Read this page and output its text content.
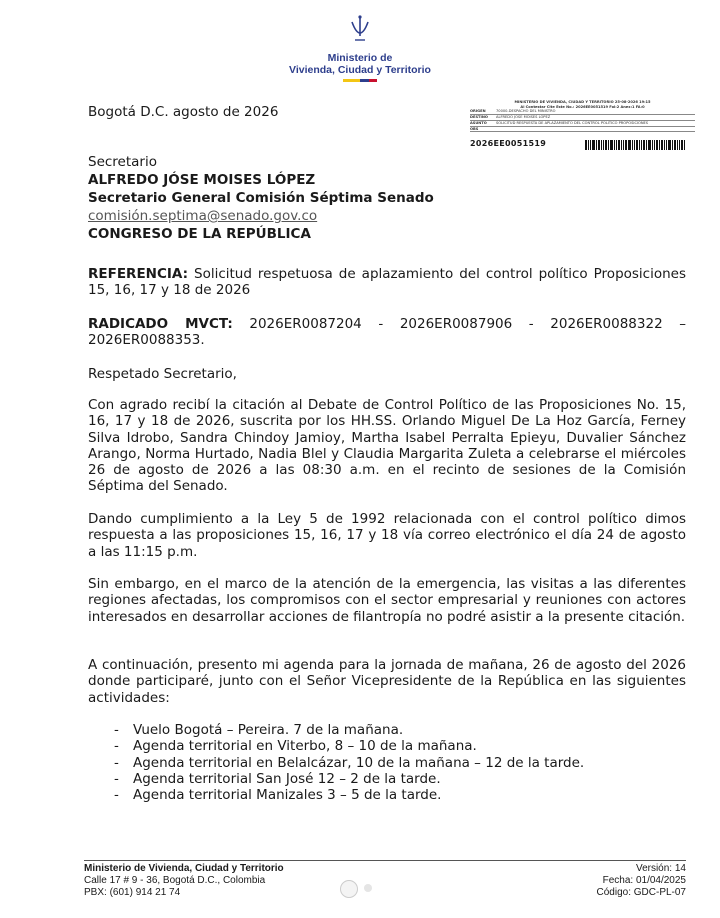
Ministerio de
Vivienda, Ciudad y Territorio
Bogotá D.C. agosto de 2026
MINISTERIO DE VIVIENDA, CIUDAD Y TERRITORIO 25-08-2026 19:15
Al Contestar Cite Este No.: 2026EE0051519 Fol:2 Anex:1 FA:0
ORIGEN	70000-DESPACHO DEL MINISTRO
DESTINO	ALFREDO JOSE MOISES LOPEZ
ASUNTO	SOLICITUD RESPUESTA DE APLAZAMIENTO DEL CONTROL POLITICO PROPOSICIONES
OBS
2026EE0051519
Secretario
ALFREDO JÓSE MOISES LÓPEZ
Secretario General Comisión Séptima Senado
comisión.septima@senado.gov.co
CONGRESO DE LA REPÚBLICA
REFERENCIA: Solicitud respetuosa de aplazamiento del control político Proposiciones 15, 16, 17 y 18 de 2026
RADICADO MVCT: 2026ER0087204 - 2026ER0087906 - 2026ER0088322 – 2026ER0088353.
Respetado Secretario,
Con agrado recibí la citación al Debate de Control Político de las Proposiciones No. 15, 16, 17 y 18 de 2026, suscrita por los HH.SS. Orlando Miguel De La Hoz García, Ferney Silva Idrobo, Sandra Chindoy Jamioy, Martha Isabel Perralta Epieyu, Duvalier Sánchez Arango, Norma Hurtado, Nadia Blel y Claudia Margarita Zuleta a celebrarse el miércoles 26 de agosto de 2026 a las 08:30 a.m. en el recinto de sesiones de la Comisión Séptima del Senado.
Dando cumplimiento a la Ley 5 de 1992 relacionada con el control político dimos respuesta a las proposiciones 15, 16, 17 y 18 vía correo electrónico el día 24 de agosto a las 11:15 p.m.
Sin embargo, en el marco de la atención de la emergencia, las visitas a las diferentes regiones afectadas, los compromisos con el sector empresarial y reuniones con actores interesados en desarrollar acciones de filantropía no podré asistir a la presente citación.
A continuación, presento mi agenda para la jornada de mañana, 26 de agosto del 2026 donde participaré, junto con el Señor Vicepresidente de la República en las siguientes actividades:
- Vuelo Bogotá – Pereira. 7 de la mañana.
- Agenda territorial en Viterbo, 8 – 10 de la mañana.
- Agenda territorial en Belalcázar, 10 de la mañana – 12 de la tarde.
- Agenda territorial San José 12 – 2 de la tarde.
- Agenda territorial Manizales 3 – 5 de la tarde.
Ministerio de Vivienda, Ciudad y Territorio
Calle 17 # 9 - 36, Bogotá D.C., Colombia
PBX: (601) 914 21 74
Versión: 14
Fecha: 01/04/2025
Código: GDC-PL-07
